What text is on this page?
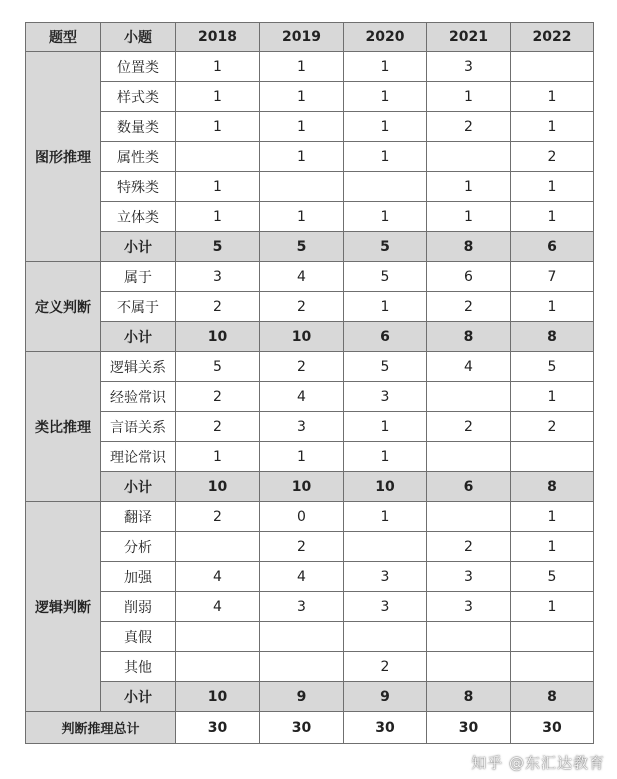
题型	小题	2018	2019	2020	2021	2022
图形推理	位置类	1	1	1	3	
	样式类	1	1	1	1	1
	数量类	1	1	1	2	1
	属性类		1	1		2
	特殊类	1			1	1
	立体类	1	1	1	1	1
	小计	5	5	5	8	6
定义判断	属于	3	4	5	6	7
	不属于	2	2	1	2	1
	小计	10	10	6	8	8
类比推理	逻辑关系	5	2	5	4	5
	经验常识	2	4	3		1
	言语关系	2	3	1	2	2
	理论常识	1	1	1		
	小计	10	10	10	6	8
逻辑判断	翻译	2	0	1		1
	分析		2		2	1
	加强	4	4	3	3	5
	削弱	4	3	3	3	1
	真假					
	其他			2		
	小计	10	9	9	8	8
判断推理总计		30	30	30	30	30
知乎 @东汇达教育
